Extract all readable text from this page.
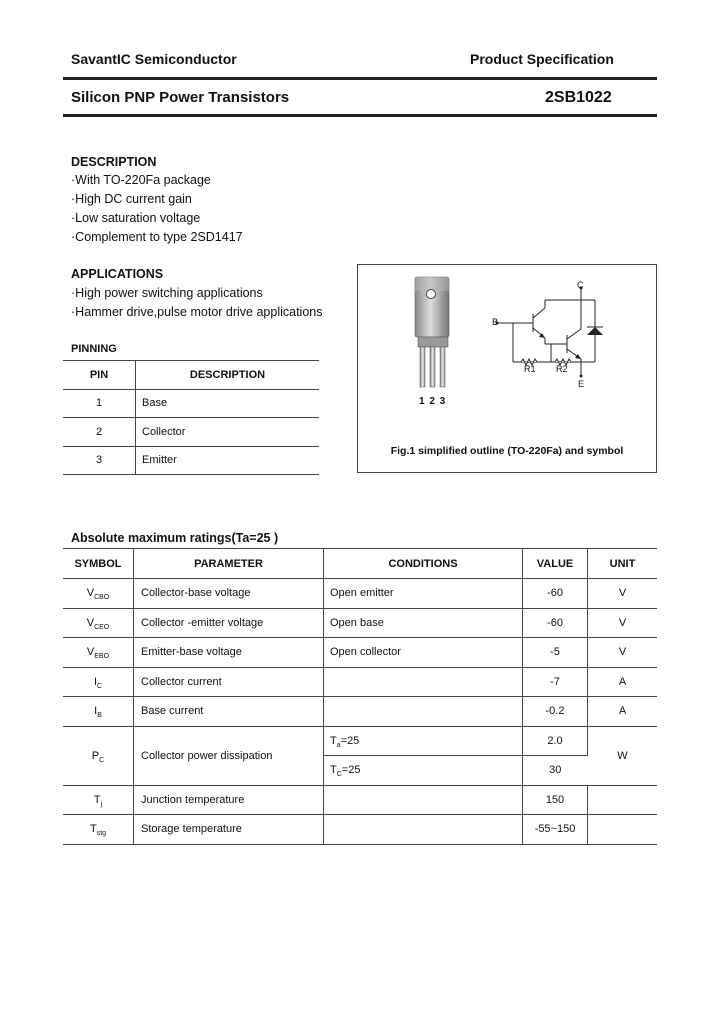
SavantIC Semiconductor	Product Specification
Silicon PNP Power Transistors	2SB1022
DESCRIPTION
·With TO-220Fa package
·High DC current gain
·Low saturation voltage
·Complement to type 2SD1417
APPLICATIONS
·High power switching applications
·Hammer drive,pulse motor drive applications
PINNING
PIN	DESCRIPTION
1	Base
2	Collector
3	Emitter
1 2 3
C
B
R1 R2
E
Fig.1 simplified outline (TO-220Fa) and symbol
Absolute maximum ratings(Ta=25 )
SYMBOL	PARAMETER	CONDITIONS	VALUE	UNIT
$V_{CBO}$	Collector-base voltage	Open emitter	-60	V
$V_{CEO}$	Collector -emitter voltage	Open base	-60	V
$V_{EBO}$	Emitter-base voltage	Open collector	-5	V
$I_C$	Collector current		-7	A
$I_B$	Base current		-0.2	A
$P_C$	Collector power dissipation	$T_a=25$	2.0	W
		$T_C=25$	30	
$T_j$	Junction temperature		150	
$T_{stg}$	Storage temperature		-55~150	
